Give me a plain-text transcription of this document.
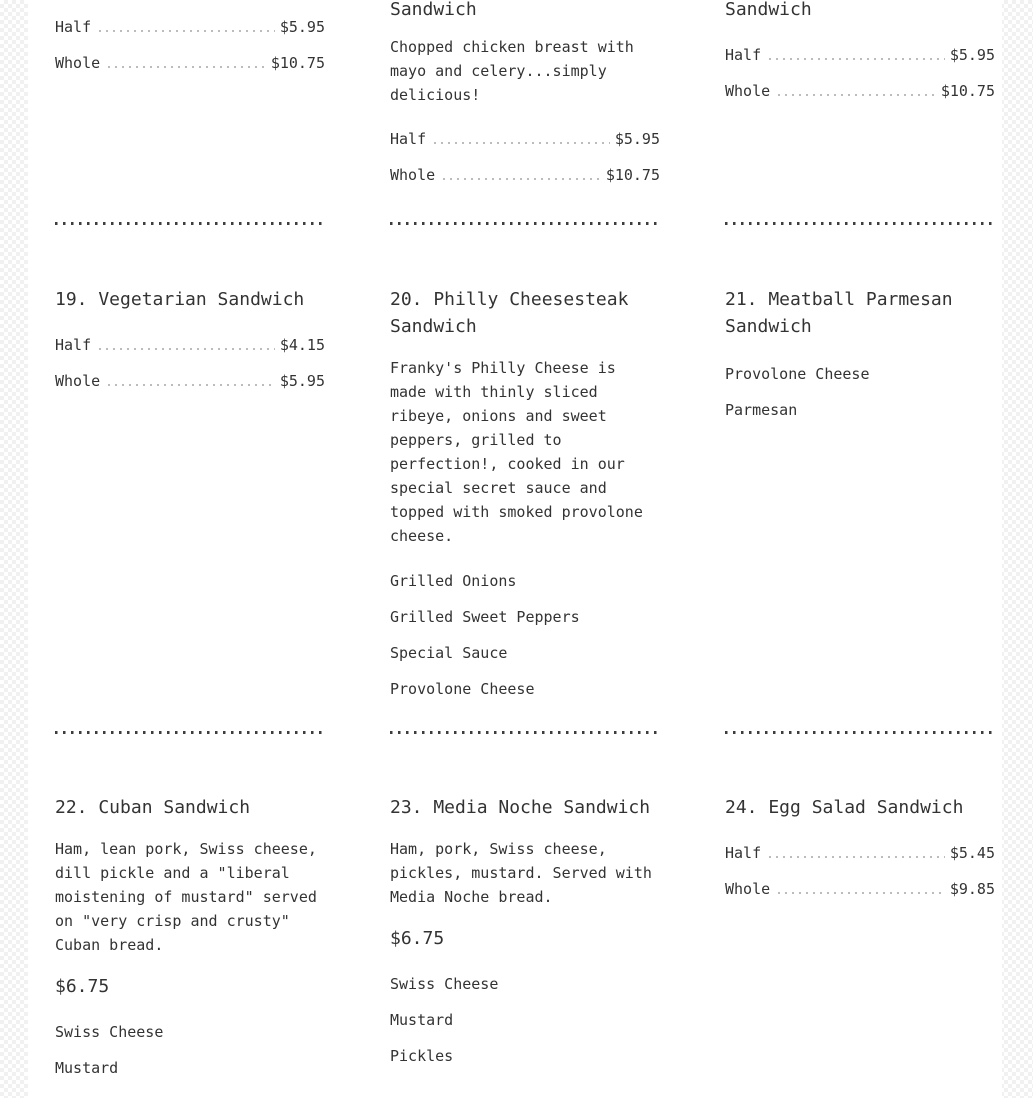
Half	$5.95
Whole	$10.75
Sandwich

Chopped chicken breast with mayo and celery...simply delicious!

Half	$5.95
Whole	$10.75
Sandwich
Half	$5.95
Whole	$10.75
19. Vegetarian Sandwich
Half	$4.15
Whole	$5.95
20. Philly Cheesesteak Sandwich

Franky's Philly Cheese is made with thinly sliced ribeye, onions and sweet peppers, grilled to perfection!, cooked in our special secret sauce and topped with smoked provolone cheese.

Grilled Onions
Grilled Sweet Peppers
Special Sauce
Provolone Cheese
21. Meatball Parmesan Sandwich
Provolone Cheese
Parmesan
22. Cuban Sandwich

Ham, lean pork, Swiss cheese, dill pickle and a "liberal moistening of mustard" served on "very crisp and crusty" Cuban bread.

$6.75
Swiss Cheese
Mustard
23. Media Noche Sandwich

Ham, pork, Swiss cheese, pickles, mustard. Served with Media Noche bread.

$6.75
Swiss Cheese
Mustard
Pickles
24. Egg Salad Sandwich
Half	$5.45
Whole	$9.85
